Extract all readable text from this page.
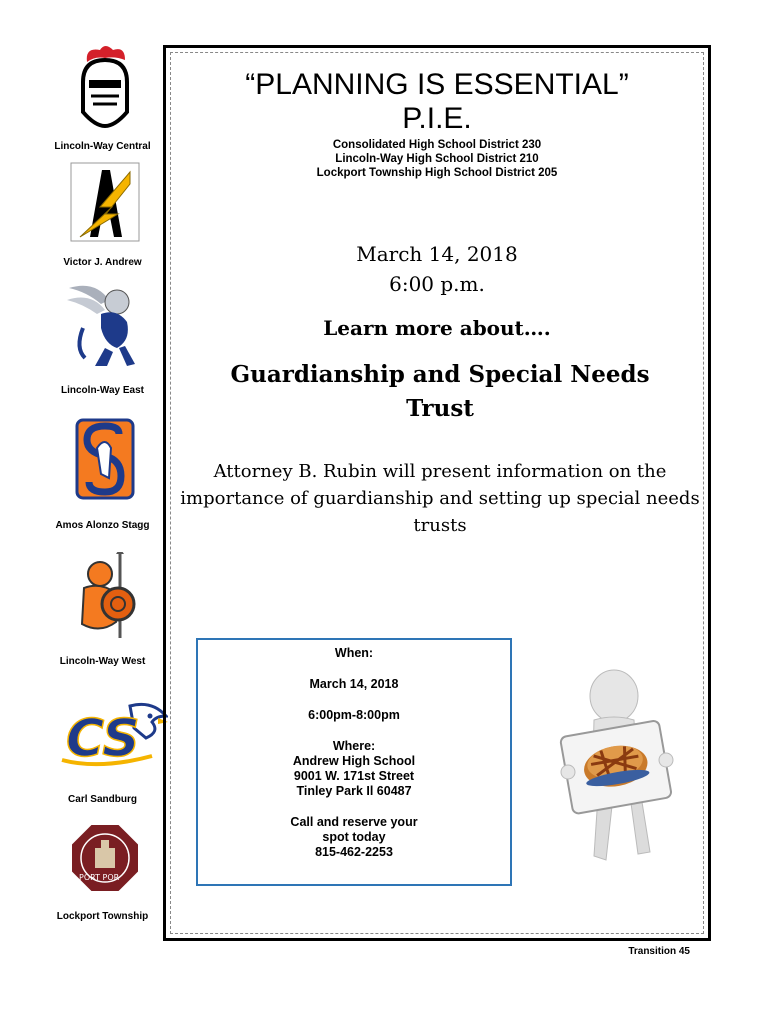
Lincoln-Way Central
Victor J. Andrew
Lincoln-Way East
Amos Alonzo Stagg
Lincoln-Way West
CS
Carl Sandburg
PORT POR
Lockport Township
“PLANNING IS ESSENTIAL”
P.I.E.
Consolidated High School District 230
Lincoln-Way High School District 210
Lockport Township High School District 205
March 14, 2018
6:00 p.m.
Learn more about….
Guardianship and Special Needs Trust
Attorney B. Rubin will present information on the importance of guardianship and setting up special needs trusts
When:
March 14, 2018
6:00pm-8:00pm
Where:
Andrew High School
9001 W. 171st Street
Tinley Park Il 60487
Call and reserve your
spot today
815-462-2253
Transition 45
